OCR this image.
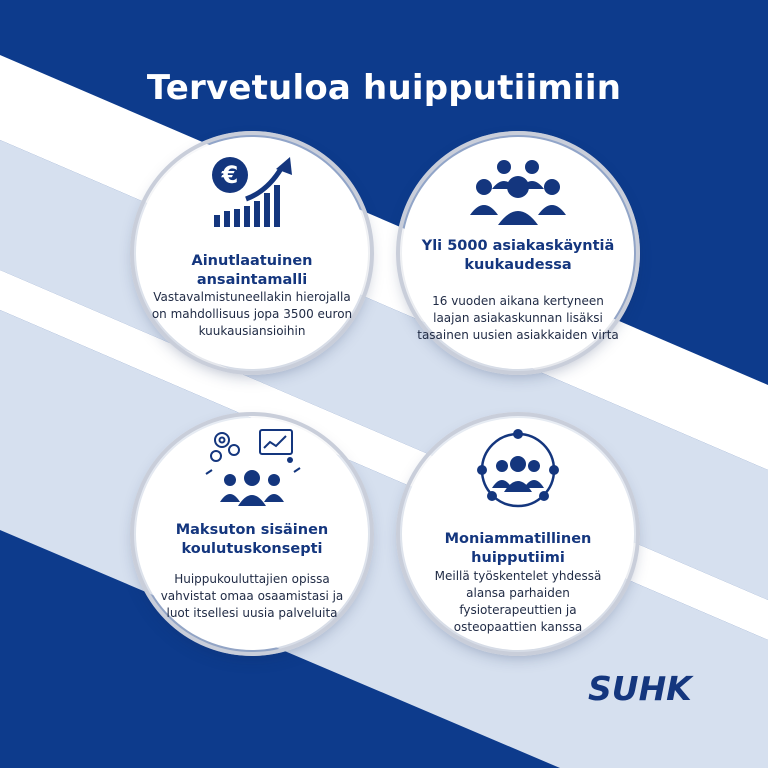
Tervetuloa huipputiimiin
€
Ainutlaatuinen ansaintamalli
Vastavalmistuneellakin hierojalla on mahdollisuus jopa 3500 euron kuukausiansioihin
Yli 5000 asiakaskäyntiä kuukaudessa
16 vuoden aikana kertyneen laajan asiakaskunnan lisäksi tasainen uusien asiakkaiden virta
Maksuton sisäinen koulutuskonsepti
Huippukouluttajien opissa vahvistat omaa osaamistasi ja luot itsellesi uusia palveluita
Moniammatillinen huipputiimi
Meillä työskentelet yhdessä alansa parhaiden fysioterapeuttien ja osteopaattien kanssa
SUHK
